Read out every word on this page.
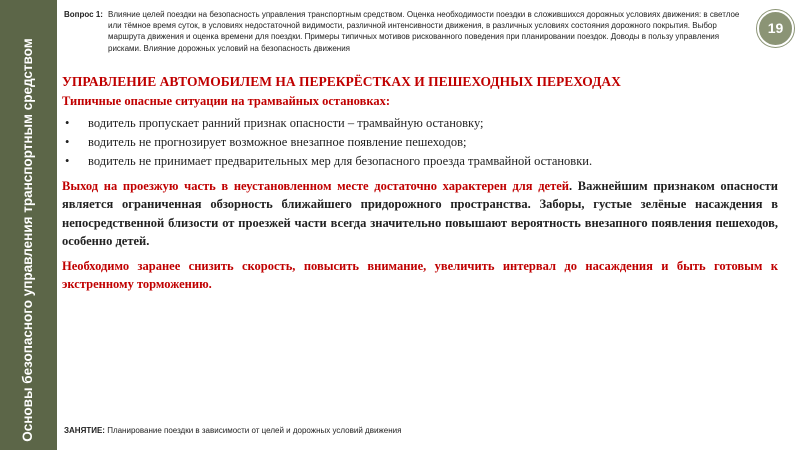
Основы безопасного управления транспортным средством
19
Вопрос 1: Влияние целей поездки на безопасность управления транспортным средством. Оценка необходимости поездки в сложившихся дорожных условиях движения: в светлое или тёмное время суток, в условиях недостаточной видимости, различной интенсивности движения, в различных условиях состояния дорожного покрытия. Выбор маршрута движения и оценка времени для поездки. Примеры типичных мотивов рискованного поведения при планировании поездок. Доводы в пользу управления рисками. Влияние дорожных условий на безопасность движения
УПРАВЛЕНИЕ АВТОМОБИЛЕМ НА ПЕРЕКРЁСТКАХ И ПЕШЕХОДНЫХ ПЕРЕХОДАХ
Типичные опасные ситуации на трамвайных остановках:
• водитель пропускает ранний признак опасности – трамвайную остановку;
• водитель не прогнозирует возможное внезапное появление пешеходов;
• водитель не принимает предварительных мер для безопасного проезда трамвайной остановки.

Выход на проезжую часть в неустановленном месте достаточно характерен для детей. Важнейшим признаком опасности является ограниченная обзорность ближайшего придорожного пространства. Заборы, густые зелёные насаждения в непосредственной близости от проезжей части всегда значительно повышают вероятность внезапного появления пешеходов, особенно детей.

Необходимо заранее снизить скорость, повысить внимание, увеличить интервал до насаждения и быть готовым к экстренному торможению.

ЗАНЯТИЕ: Планирование поездки в зависимости от целей и дорожных условий движения
